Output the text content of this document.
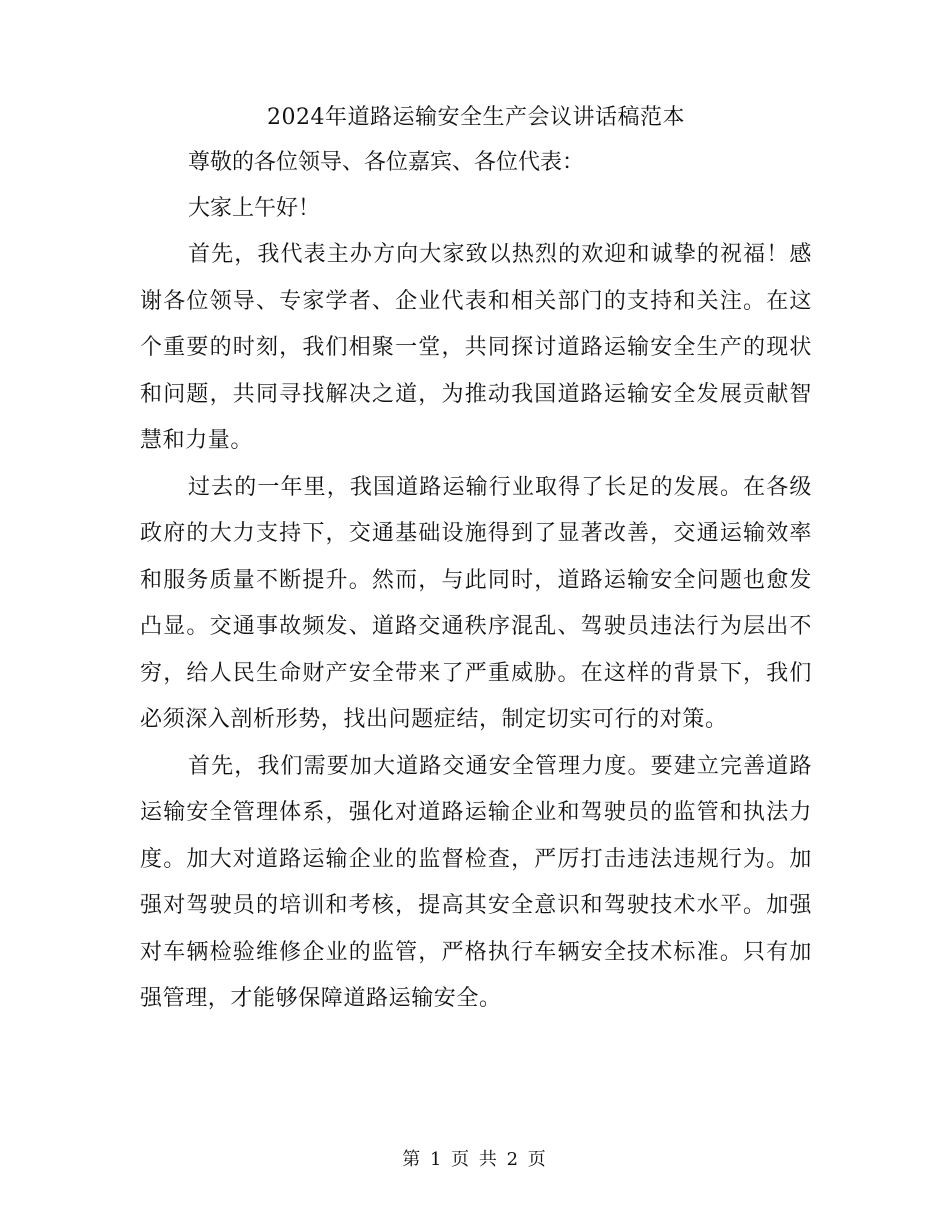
2024年道路运输安全生产会议讲话稿范本

尊敬的各位领导、各位嘉宾、各位代表：

大家上午好！

首先，我代表主办方向大家致以热烈的欢迎和诚挚的祝福！感谢各位领导、专家学者、企业代表和相关部门的支持和关注。在这个重要的时刻，我们相聚一堂，共同探讨道路运输安全生产的现状和问题，共同寻找解决之道，为推动我国道路运输安全发展贡献智慧和力量。

过去的一年里，我国道路运输行业取得了长足的发展。在各级政府的大力支持下，交通基础设施得到了显著改善，交通运输效率和服务质量不断提升。然而，与此同时，道路运输安全问题也愈发凸显。交通事故频发、道路交通秩序混乱、驾驶员违法行为层出不穷，给人民生命财产安全带来了严重威胁。在这样的背景下，我们必须深入剖析形势，找出问题症结，制定切实可行的对策。

首先，我们需要加大道路交通安全管理力度。要建立完善道路运输安全管理体系，强化对道路运输企业和驾驶员的监管和执法力度。加大对道路运输企业的监督检查，严厉打击违法违规行为。加强对驾驶员的培训和考核，提高其安全意识和驾驶技术水平。加强对车辆检验维修企业的监管，严格执行车辆安全技术标准。只有加强管理，才能够保障道路运输安全。

第 1 页 共 2 页
